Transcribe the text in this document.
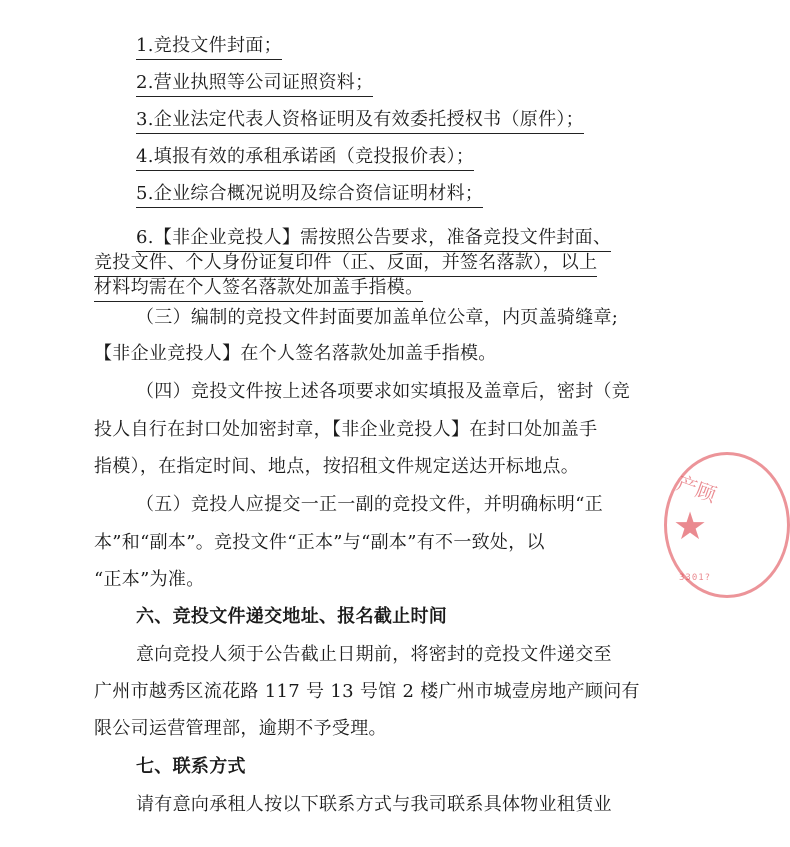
1.竞投文件封面；
2.营业执照等公司证照资料；
3.企业法定代表人资格证明及有效委托授权书（原件）；
4.填报有效的承租承诺函（竞投报价表）；
5.企业综合概况说明及综合资信证明材料；
6.【非企业竞投人】需按照公告要求，准备竞投文件封面、
竞投文件、个人身份证复印件（正、反面，并签名落款），以上
材料均需在个人签名落款处加盖手指模。
（三）编制的竞投文件封面要加盖单位公章，内页盖骑缝章;
【非企业竞投人】在个人签名落款处加盖手指模。
（四）竞投文件按上述各项要求如实填报及盖章后，密封（竞
投人自行在封口处加密封章，【非企业竞投人】在封口处加盖手
指模），在指定时间、地点，按招租文件规定送达开标地点。
（五）竞投人应提交一正一副的竞投文件，并明确标明“正
本”和“副本”。竞投文件“正本”与“副本”有不一致处，以
“正本”为准。
六、竞投文件递交地址、报名截止时间
意向竞投人须于公告截止日期前，将密封的竞投文件递交至
广州市越秀区流花路 117 号 13 号馆 2 楼广州市城壹房地产顾问有
限公司运营管理部，逾期不予受理。
七、联系方式
请有意向承租人按以下联系方式与我司联系具体物业租赁业
产顾
★
3301?
